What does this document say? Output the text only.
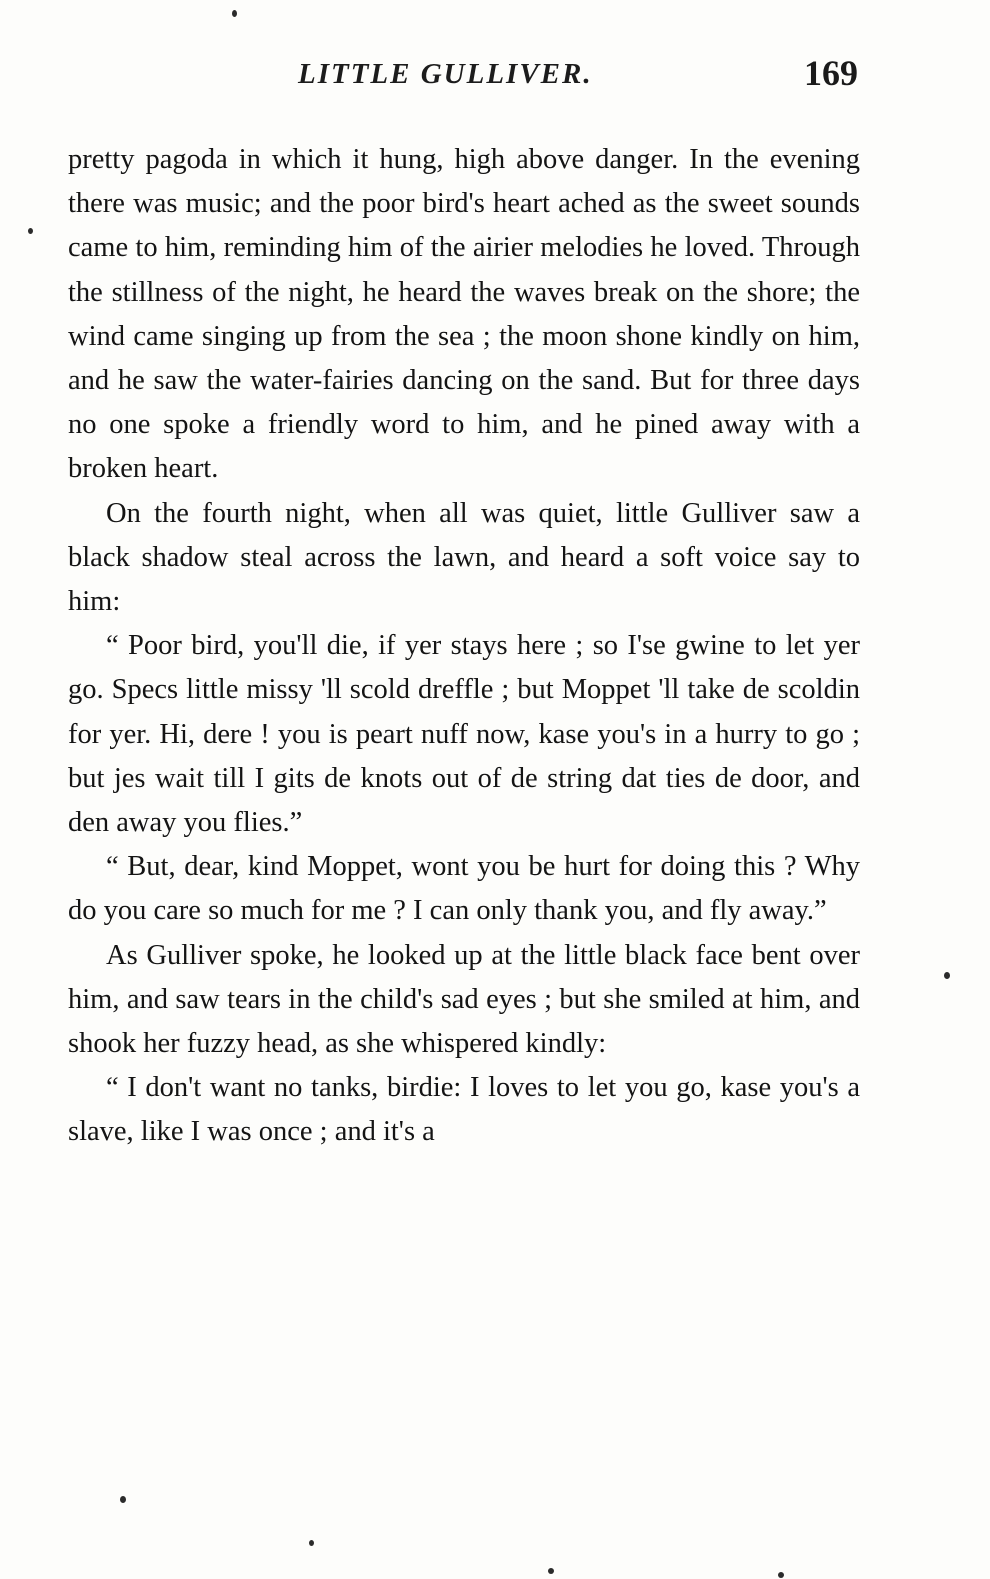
LITTLE GULLIVER.	169

pretty pagoda in which it hung, high above danger. In the evening there was music; and the poor bird's heart ached as the sweet sounds came to him, reminding him of the airier melodies he loved. Through the stillness of the night, he heard the waves break on the shore; the wind came singing up from the sea ; the moon shone kindly on him, and he saw the water-fairies dancing on the sand. But for three days no one spoke a friendly word to him, and he pined away with a broken heart.

On the fourth night, when all was quiet, little Gulliver saw a black shadow steal across the lawn, and heard a soft voice say to him:

“ Poor bird, you'll die, if yer stays here ; so I'se gwine to let yer go. Specs little missy 'll scold dreffle ; but Moppet 'll take de scoldin for yer. Hi, dere ! you is peart nuff now, kase you's in a hurry to go ; but jes wait till I gits de knots out of de string dat ties de door, and den away you flies.”

“ But, dear, kind Moppet, wont you be hurt for doing this ? Why do you care so much for me ? I can only thank you, and fly away.”

As Gulliver spoke, he looked up at the little black face bent over him, and saw tears in the child's sad eyes ; but she smiled at him, and shook her fuzzy head, as she whispered kindly:

“ I don't want no tanks, birdie: I loves to let you go, kase you's a slave, like I was once ; and it's a
